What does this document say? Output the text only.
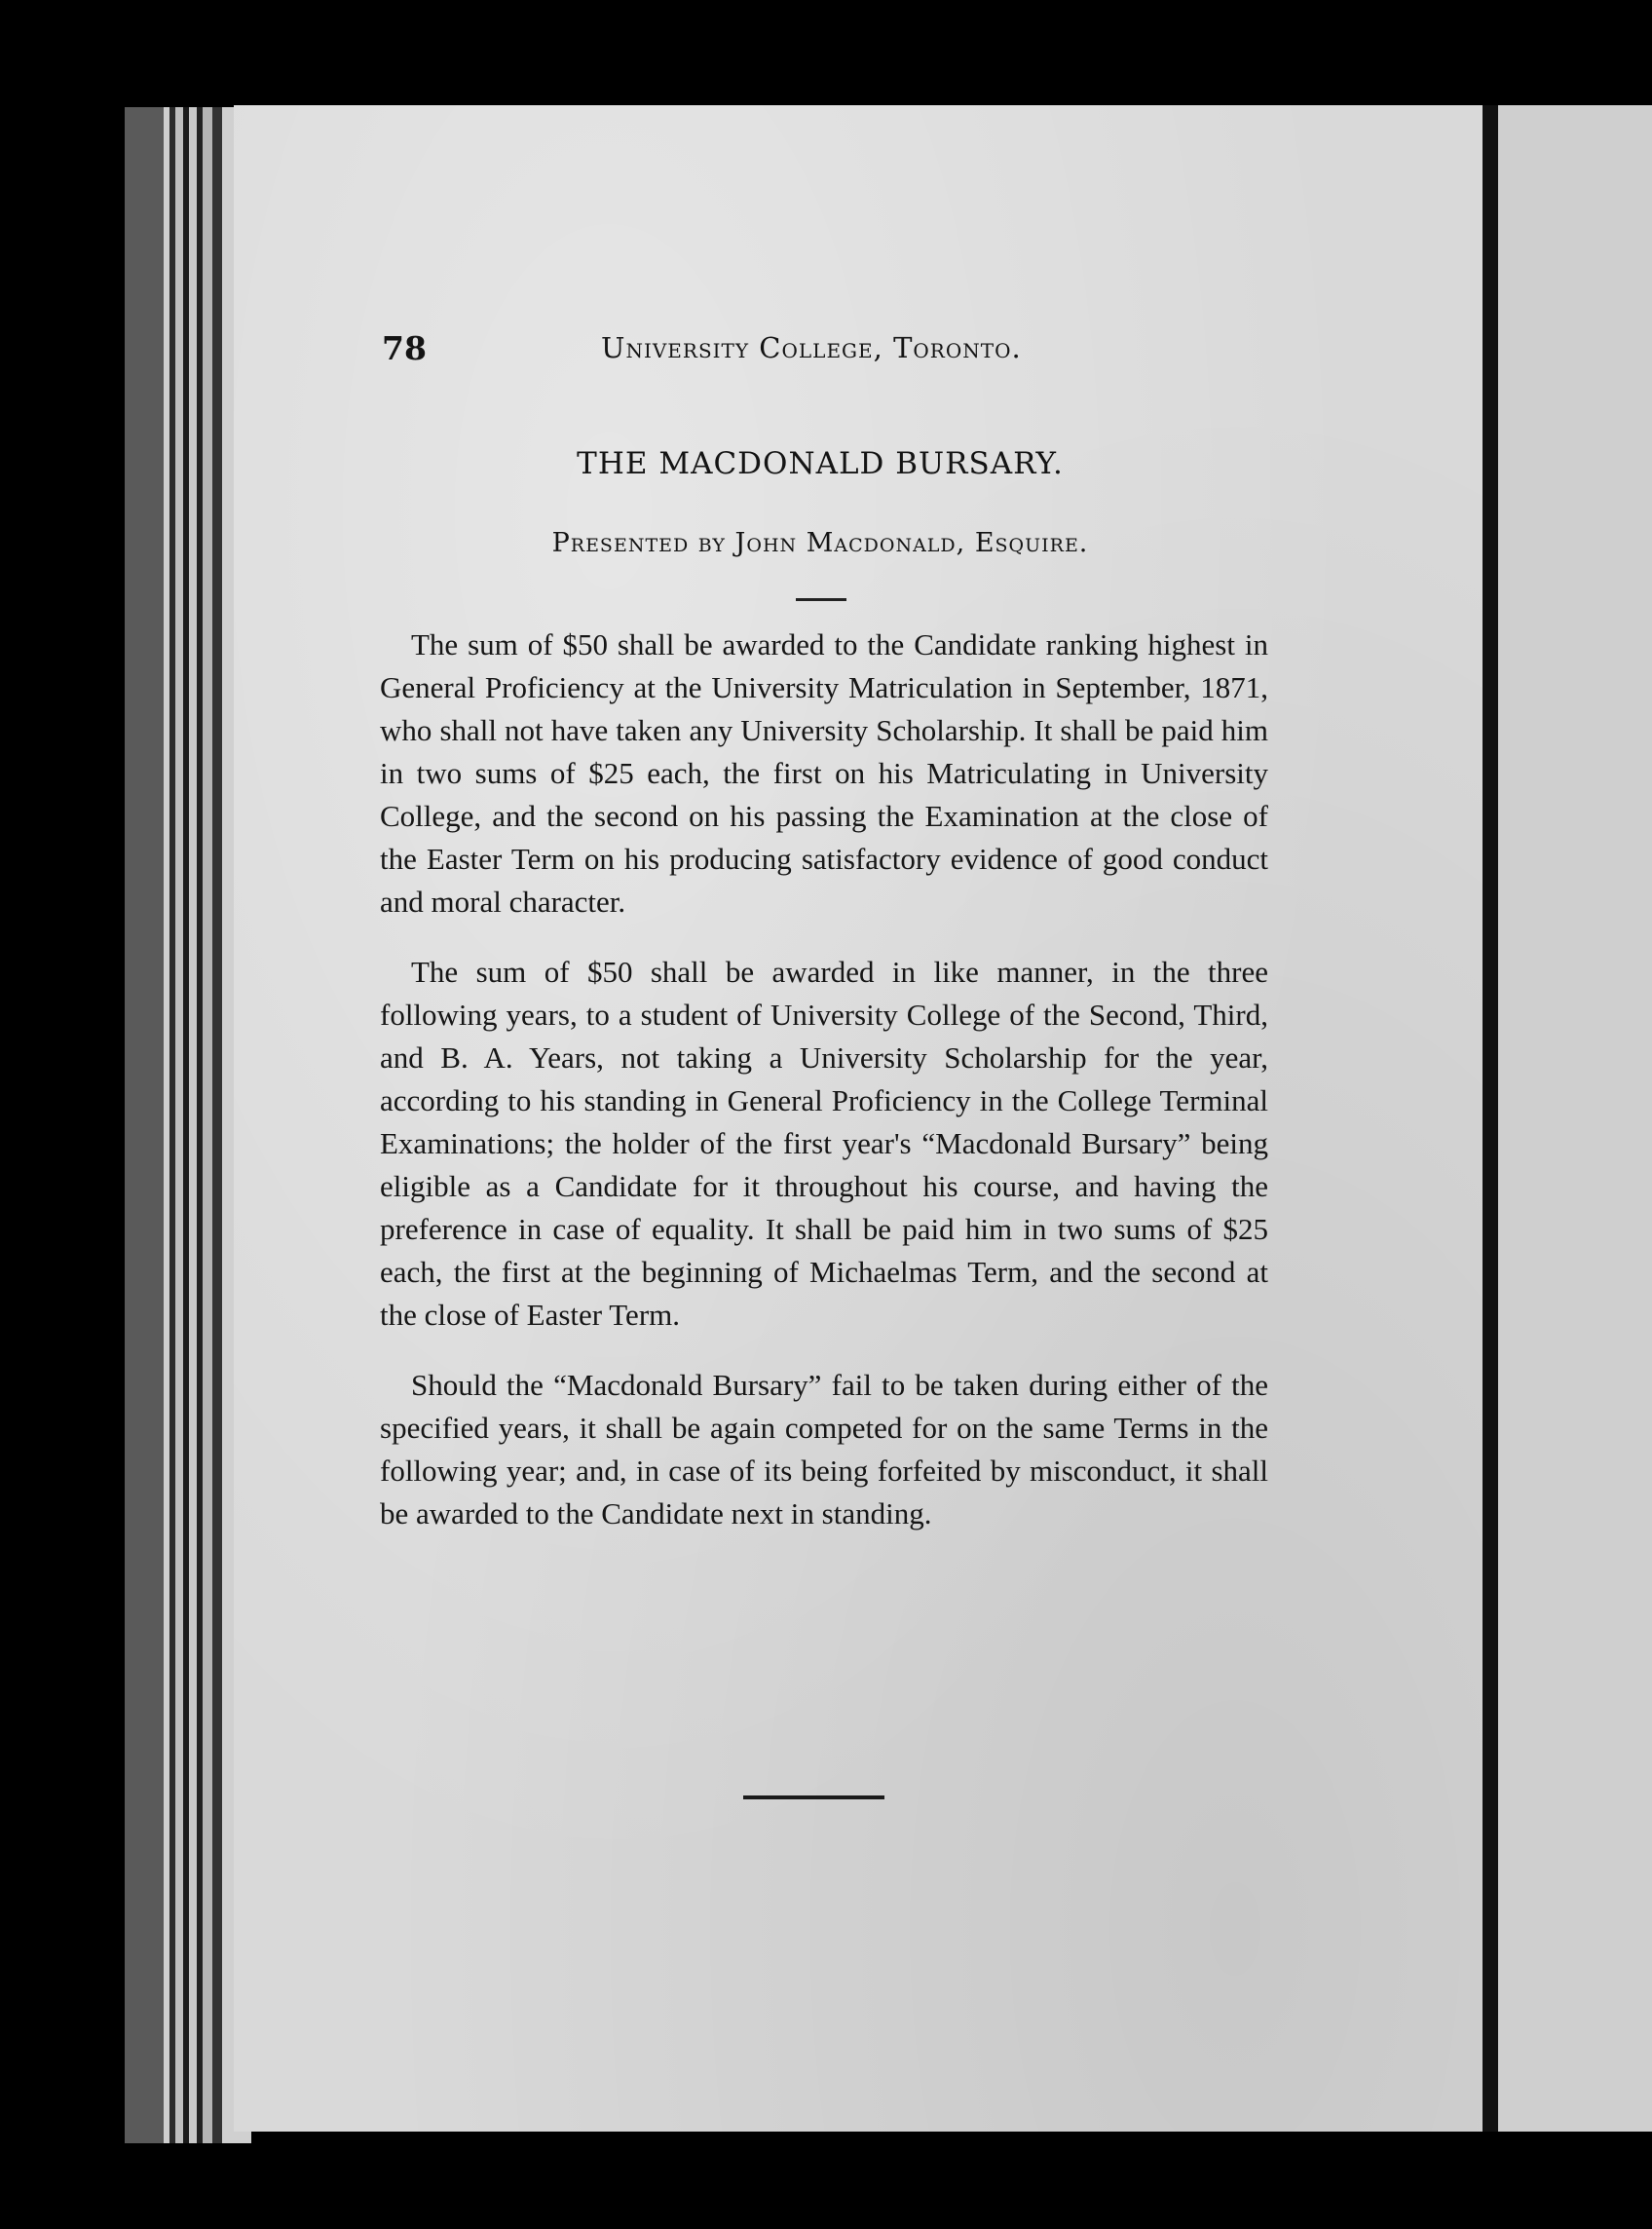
78	University College, Toronto.
THE MACDONALD BURSARY.
Presented by John Macdonald, Esquire.

The sum of $50 shall be awarded to the Candidate ranking highest in General Proficiency at the University Matriculation in September, 1871, who shall not have taken any University Scholarship. It shall be paid him in two sums of $25 each, the first on his Matriculating in University College, and the second on his passing the Examination at the close of the Easter Term on his producing satisfactory evidence of good conduct and moral character.

The sum of $50 shall be awarded in like manner, in the three following years, to a student of University College of the Second, Third, and B. A. Years, not taking a University Scholarship for the year, according to his standing in General Proficiency in the College Terminal Examinations; the holder of the first year's “Macdonald Bursary” being eligible as a Candidate for it throughout his course, and having the preference in case of equality. It shall be paid him in two sums of $25 each, the first at the beginning of Michaelmas Term, and the second at the close of Easter Term.

Should the “Macdonald Bursary” fail to be taken during either of the specified years, it shall be again competed for on the same Terms in the following year; and, in case of its being forfeited by misconduct, it shall be awarded to the Candidate next in standing.
